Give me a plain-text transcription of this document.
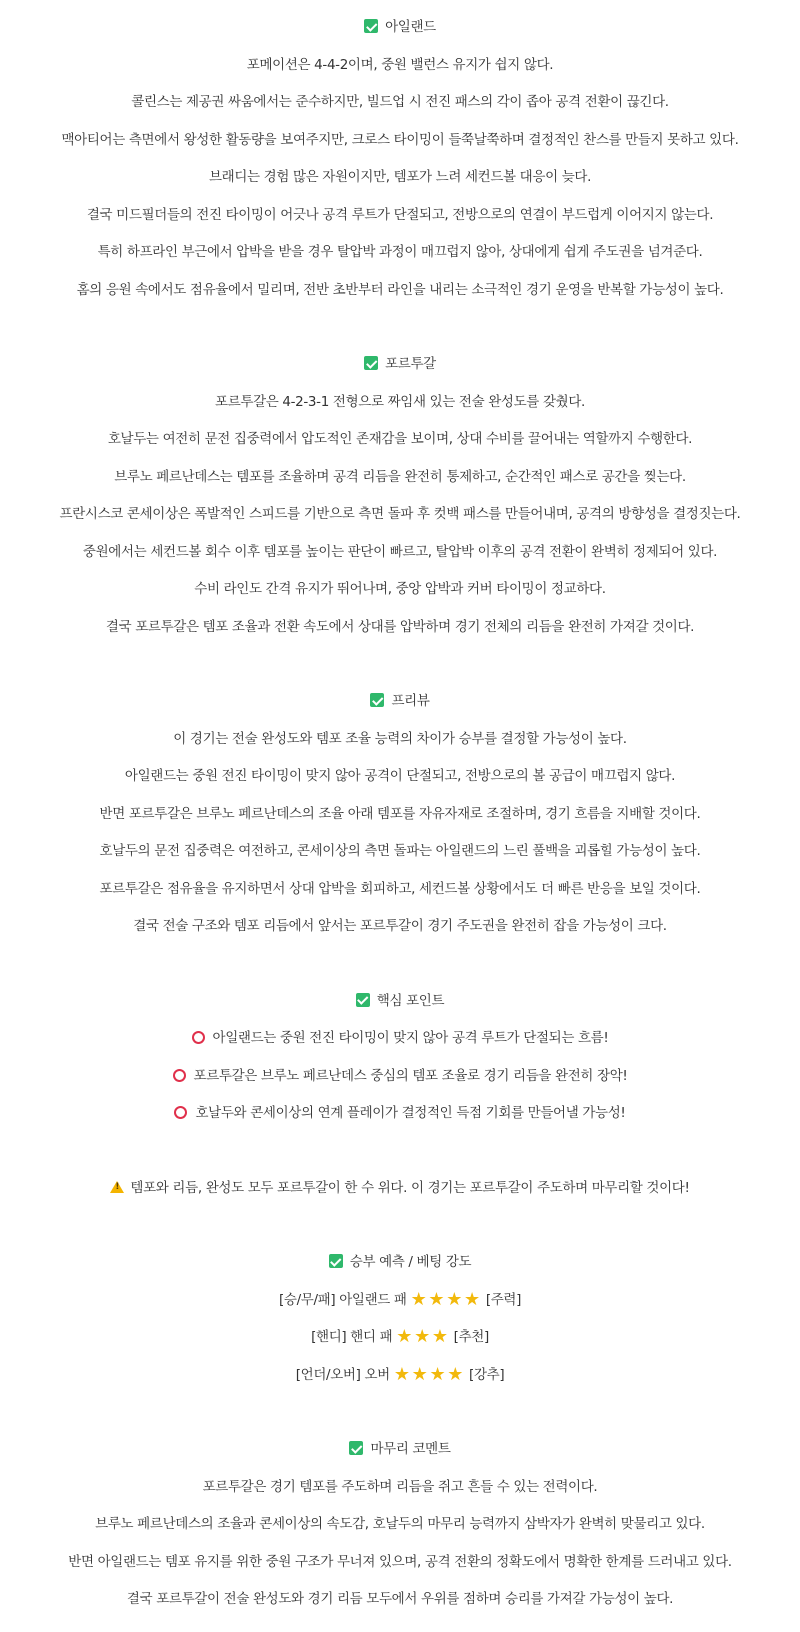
아일랜드
포메이션은 4-4-2이며, 중원 밸런스 유지가 쉽지 않다.
콜린스는 제공권 싸움에서는 준수하지만, 빌드업 시 전진 패스의 각이 좁아 공격 전환이 끊긴다.
맥아티어는 측면에서 왕성한 활동량을 보여주지만, 크로스 타이밍이 들쭉날쭉하며 결정적인 찬스를 만들지 못하고 있다.
브래디는 경험 많은 자원이지만, 템포가 느려 세컨드볼 대응이 늦다.
결국 미드필더들의 전진 타이밍이 어긋나 공격 루트가 단절되고, 전방으로의 연결이 부드럽게 이어지지 않는다.
특히 하프라인 부근에서 압박을 받을 경우 탈압박 과정이 매끄럽지 않아, 상대에게 쉽게 주도권을 넘겨준다.
홈의 응원 속에서도 점유율에서 밀리며, 전반 초반부터 라인을 내리는 소극적인 경기 운영을 반복할 가능성이 높다.
포르투갈
포르투갈은 4-2-3-1 전형으로 짜임새 있는 전술 완성도를 갖췄다.
호날두는 여전히 문전 집중력에서 압도적인 존재감을 보이며, 상대 수비를 끌어내는 역할까지 수행한다.
브루노 페르난데스는 템포를 조율하며 공격 리듬을 완전히 통제하고, 순간적인 패스로 공간을 찢는다.
프란시스코 콘세이상은 폭발적인 스피드를 기반으로 측면 돌파 후 컷백 패스를 만들어내며, 공격의 방향성을 결정짓는다.
중원에서는 세컨드볼 회수 이후 템포를 높이는 판단이 빠르고, 탈압박 이후의 공격 전환이 완벽히 정제되어 있다.
수비 라인도 간격 유지가 뛰어나며, 중앙 압박과 커버 타이밍이 정교하다.
결국 포르투갈은 템포 조율과 전환 속도에서 상대를 압박하며 경기 전체의 리듬을 완전히 가져갈 것이다.
프리뷰
이 경기는 전술 완성도와 템포 조율 능력의 차이가 승부를 결정할 가능성이 높다.
아일랜드는 중원 전진 타이밍이 맞지 않아 공격이 단절되고, 전방으로의 볼 공급이 매끄럽지 않다.
반면 포르투갈은 브루노 페르난데스의 조율 아래 템포를 자유자재로 조절하며, 경기 흐름을 지배할 것이다.
호날두의 문전 집중력은 여전하고, 콘세이상의 측면 돌파는 아일랜드의 느린 풀백을 괴롭힐 가능성이 높다.
포르투갈은 점유율을 유지하면서 상대 압박을 회피하고, 세컨드볼 상황에서도 더 빠른 반응을 보일 것이다.
결국 전술 구조와 템포 리듬에서 앞서는 포르투갈이 경기 주도권을 완전히 잡을 가능성이 크다.
핵심 포인트
아일랜드는 중원 전진 타이밍이 맞지 않아 공격 루트가 단절되는 흐름!
포르투갈은 브루노 페르난데스 중심의 템포 조율로 경기 리듬을 완전히 장악!
호날두와 콘세이상의 연계 플레이가 결정적인 득점 기회를 만들어낼 가능성!
!템포와 리듬, 완성도 모두 포르투갈이 한 수 위다. 이 경기는 포르투갈이 주도하며 마무리할 것이다!
승부 예측 / 베팅 강도
[승/무/패] 아일랜드 패 ★ ★ ★ ★ [주력]
[핸디] 핸디 패 ★ ★ ★ [추천]
[언더/오버] 오버 ★ ★ ★ ★ [강추]
마무리 코멘트
포르투갈은 경기 템포를 주도하며 리듬을 쥐고 흔들 수 있는 전력이다.
브루노 페르난데스의 조율과 콘세이상의 속도감, 호날두의 마무리 능력까지 삼박자가 완벽히 맞물리고 있다.
반면 아일랜드는 템포 유지를 위한 중원 구조가 무너져 있으며, 공격 전환의 정확도에서 명확한 한계를 드러내고 있다.
결국 포르투갈이 전술 완성도와 경기 리듬 모두에서 우위를 점하며 승리를 가져갈 가능성이 높다.
